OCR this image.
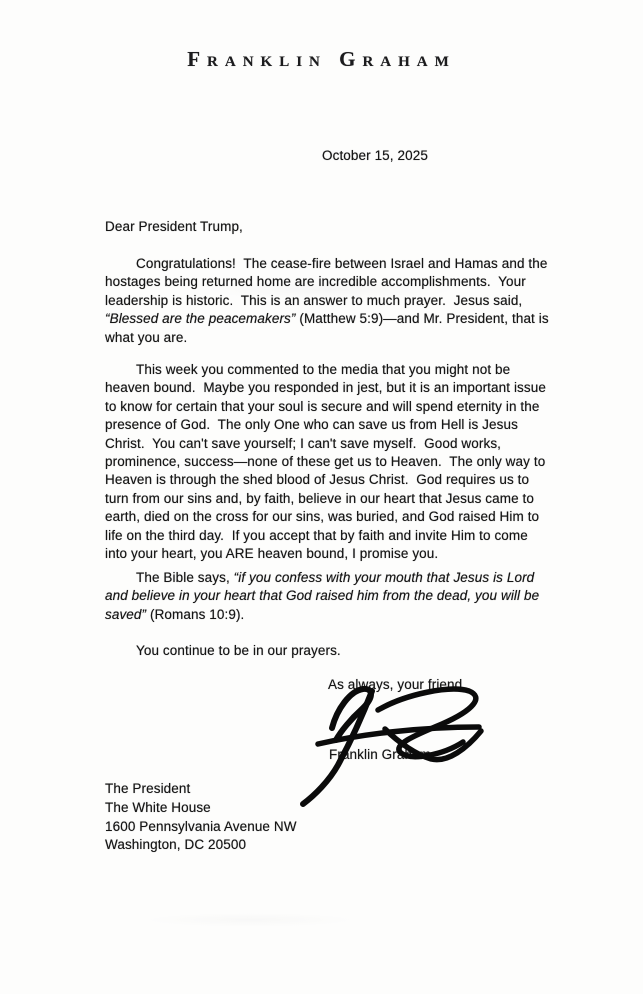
Franklin Graham
October 15, 2025
Dear President Trump,
Congratulations!  The cease-fire between Israel and Hamas and the
hostages being returned home are incredible accomplishments.  Your
leadership is historic.  This is an answer to much prayer.  Jesus said,
“Blessed are the peacemakers” (Matthew 5:9)—and Mr. President, that is
what you are.
This week you commented to the media that you might not be
heaven bound.  Maybe you responded in jest, but it is an important issue
to know for certain that your soul is secure and will spend eternity in the
presence of God.  The only One who can save us from Hell is Jesus
Christ.  You can't save yourself; I can't save myself.  Good works,
prominence, success—none of these get us to Heaven.  The only way to
Heaven is through the shed blood of Jesus Christ.  God requires us to
turn from our sins and, by faith, believe in our heart that Jesus came to
earth, died on the cross for our sins, was buried, and God raised Him to
life on the third day.  If you accept that by faith and invite Him to come
into your heart, you ARE heaven bound, I promise you.
The Bible says, “if you confess with your mouth that Jesus is Lord
and believe in your heart that God raised him from the dead, you will be
saved” (Romans 10:9).
You continue to be in our prayers.
As always, your friend,
Franklin Graham
The President
The White House
1600 Pennsylvania Avenue NW
Washington, DC 20500
